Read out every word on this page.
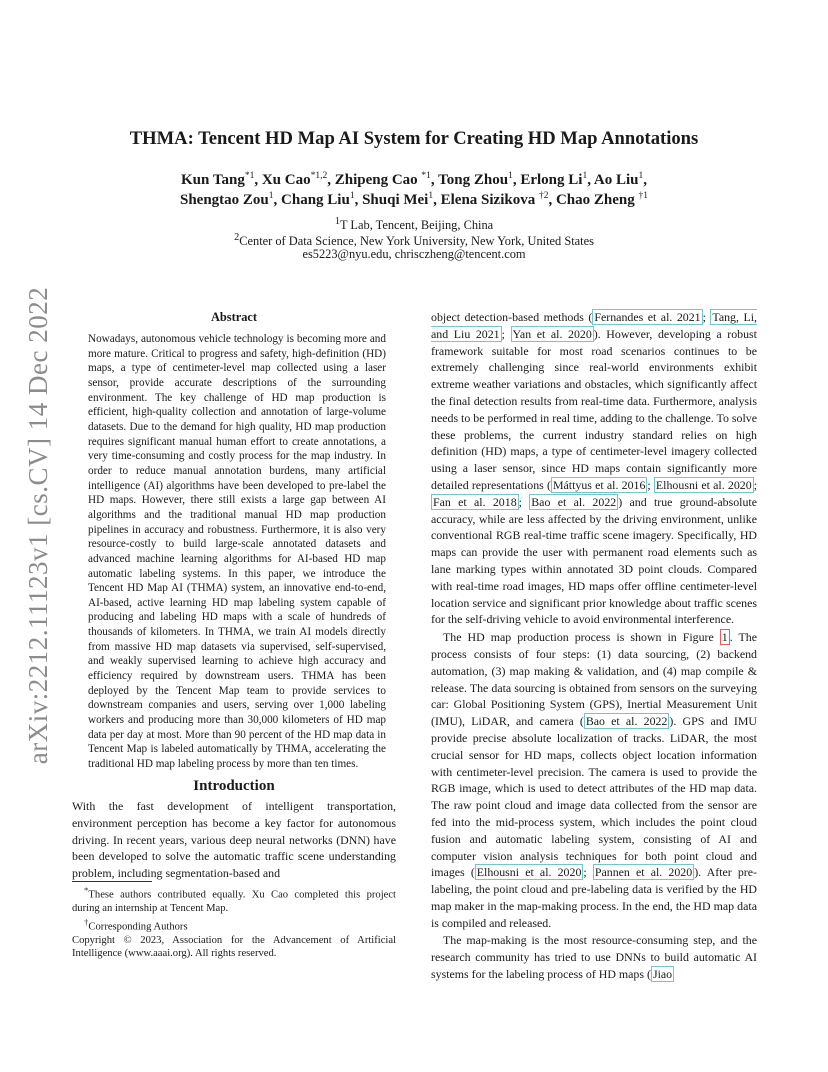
arXiv:2212.11123v1 [cs.CV] 14 Dec 2022
THMA: Tencent HD Map AI System for Creating HD Map Annotations
Kun Tang$^{*1}$, Xu Cao$^{*1,2}$, Zhipeng Cao $^{*1}$, Tong Zhou$^1$, Erlong Li$^1$, Ao Liu$^1$,
Shengtao Zou$^1$, Chang Liu$^1$, Shuqi Mei$^1$, Elena Sizikova $^{\dagger 2}$, Chao Zheng $^{\dagger 1}$
$^1$T Lab, Tencent, Beijing, China
$^2$Center of Data Science, New York University, New York, United States
es5223@nyu.edu, chrisczheng@tencent.com
Abstract

Nowadays, autonomous vehicle technology is becoming more and more mature. Critical to progress and safety, high-definition (HD) maps, a type of centimeter-level map collected using a laser sensor, provide accurate descriptions of the surrounding environment. The key challenge of HD map production is efficient, high-quality collection and annotation of large-volume datasets. Due to the demand for high quality, HD map production requires significant manual human effort to create annotations, a very time-consuming and costly process for the map industry. In order to reduce manual annotation burdens, many artificial intelligence (AI) algorithms have been developed to pre-label the HD maps. However, there still exists a large gap between AI algorithms and the traditional manual HD map production pipelines in accuracy and robustness. Furthermore, it is also very resource-costly to build large-scale annotated datasets and advanced machine learning algorithms for AI-based HD map automatic labeling systems. In this paper, we introduce the Tencent HD Map AI (THMA) system, an innovative end-to-end, AI-based, active learning HD map labeling system capable of producing and labeling HD maps with a scale of hundreds of thousands of kilometers. In THMA, we train AI models directly from massive HD map datasets via supervised, self-supervised, and weakly supervised learning to achieve high accuracy and efficiency required by downstream users. THMA has been deployed by the Tencent Map team to provide services to downstream companies and users, serving over 1,000 labeling workers and producing more than 30,000 kilometers of HD map data per day at most. More than 90 percent of the HD map data in Tencent Map is labeled automatically by THMA, accelerating the traditional HD map labeling process by more than ten times.

Introduction

With the fast development of intelligent transportation, environment perception has become a key factor for autonomous driving. In recent years, various deep neural networks (DNN) have been developed to solve the automatic traffic scene understanding problem, including segmentation-based and

*These authors contributed equally. Xu Cao completed this project during an internship at Tencent Map.

†Corresponding Authors

Copyright © 2023, Association for the Advancement of Artificial Intelligence (www.aaai.org). All rights reserved.

object detection-based methods ( Fernandes et al. 2021 ; Tang, Li, and Liu 2021 ; Yan et al. 2020 ). However, developing a robust framework suitable for most road scenarios continues to be extremely challenging since real-world environments exhibit extreme weather variations and obstacles, which significantly affect the final detection results from real-time data. Furthermore, analysis needs to be performed in real time, adding to the challenge. To solve these problems, the current industry standard relies on high definition (HD) maps, a type of centimeter-level imagery collected using a laser sensor, since HD maps contain significantly more detailed representations ( Máttyus et al. 2016 ; Elhousni et al. 2020 ; Fan et al. 2018 ; Bao et al. 2022 ) and true ground-absolute accuracy, while are less affected by the driving environment, unlike conventional RGB real-time traffic scene imagery. Specifically, HD maps can provide the user with permanent road elements such as lane marking types within annotated 3D point clouds. Compared with real-time road images, HD maps offer offline centimeter-level location service and significant prior knowledge about traffic scenes for the self-driving vehicle to avoid environmental interference.

The HD map production process is shown in Figure 1 . The process consists of four steps: (1) data sourcing, (2) backend automation, (3) map making & validation, and (4) map compile & release. The data sourcing is obtained from sensors on the surveying car: Global Positioning System (GPS), Inertial Measurement Unit (IMU), LiDAR, and camera ( Bao et al. 2022 ). GPS and IMU provide precise absolute localization of tracks. LiDAR, the most crucial sensor for HD maps, collects object location information with centimeter-level precision. The camera is used to provide the RGB image, which is used to detect attributes of the HD map data. The raw point cloud and image data collected from the sensor are fed into the mid-process system, which includes the point cloud fusion and automatic labeling system, consisting of AI and computer vision analysis techniques for both point cloud and images ( Elhousni et al. 2020 ; Pannen et al. 2020 ). After pre-labeling, the point cloud and pre-labeling data is verified by the HD map maker in the map-making process. In the end, the HD map data is compiled and released.

The map-making is the most resource-consuming step, and the research community has tried to use DNNs to build automatic AI systems for the labeling process of HD maps ( Jiao
